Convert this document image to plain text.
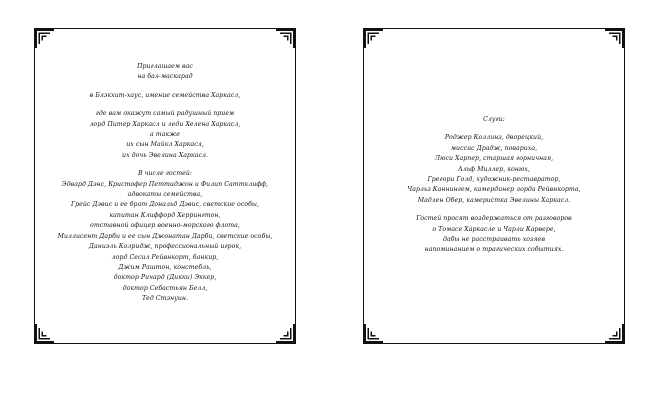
Приглашаем вас
на бал-маскарад
в Блэкхит-хаус, имение семейства Харкасл,
где вам окажут самый радушный прием
лорд Питер Харкасл и леди Хелена Харкасл,
а также
их сын Майкл Харкасл,
их дочь Эвелина Харкасл.
В числе гостей:
Эдвард Дэнс, Кристофер Петтиджон и Филип Саттклифф,
адвокаты семейства,
Грейс Дэвис и ее брат Дональд Дэвис, светские особы,
капитан Клиффорд Херрингтон,
отставной офицер военно-морского флота,
Миллисент Дарби и ее сын Джонатан Дарби, светские особы,
Даниэль Колридж, профессиональный игрок,
лорд Сесил Рейвнкорт, банкир,
Джим Раштон, констебль,
доктор Ричард (Дикки) Эккер,
доктор Себастьян Белл,
Тед Стэнуин.
Слуги:
Роджер Коллинз, дворецкий,
миссис Драдж, повариха,
Люси Харпер, старшая горничная,
Альф Миллер, конюх,
Грегори Голд, художник-реставратор,
Чарльз Каннингем, камердинер лорда Рейвнкорта,
Мадлен Обер, камеристка Эвелины Харкасл.
Гостей просят воздержаться от разговоров
о Томасе Харкасле и Чарли Карвере,
дабы не расстраивать хозяев
напоминанием о трагических событиях.
